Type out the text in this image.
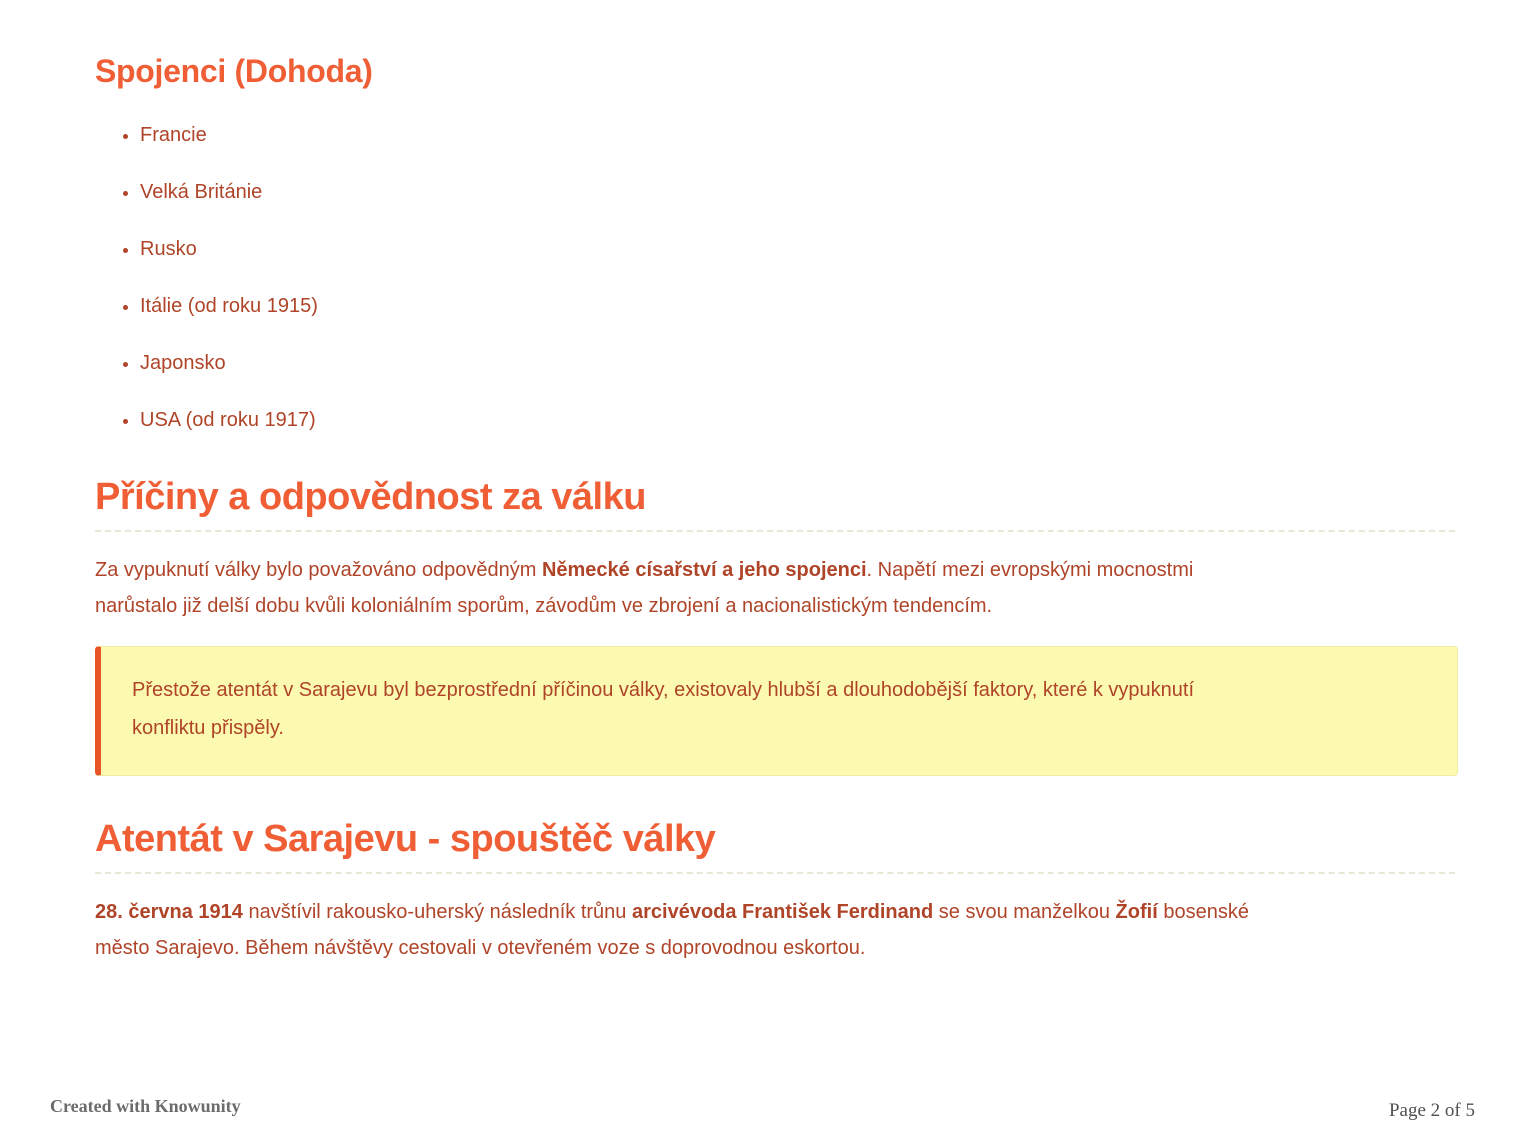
Spojenci (Dohoda)
• Francie
• Velká Británie
• Rusko
• Itálie (od roku 1915)
• Japonsko
• USA (od roku 1917)
Příčiny a odpovědnost za válku

Za vypuknutí války bylo považováno odpovědným Německé císařství a jeho spojenci. Napětí mezi evropskými mocnostmi
narůstalo již delší dobu kvůli koloniálním sporům, závodům ve zbrojení a nacionalistickým tendencím.

Přestože atentát v Sarajevu byl bezprostřední příčinou války, existovaly hlubší a dlouhodobější faktory, které k vypuknutí
konfliktu přispěly.

Atentát v Sarajevu - spouštěč války

28. června 1914 navštívil rakousko-uherský následník trůnu arcivévoda František Ferdinand se svou manželkou Žofií bosenské
město Sarajevo. Během návštěvy cestovali v otevřeném voze s doprovodnou eskortou.

Created with Knowunity	Page 2 of 5
